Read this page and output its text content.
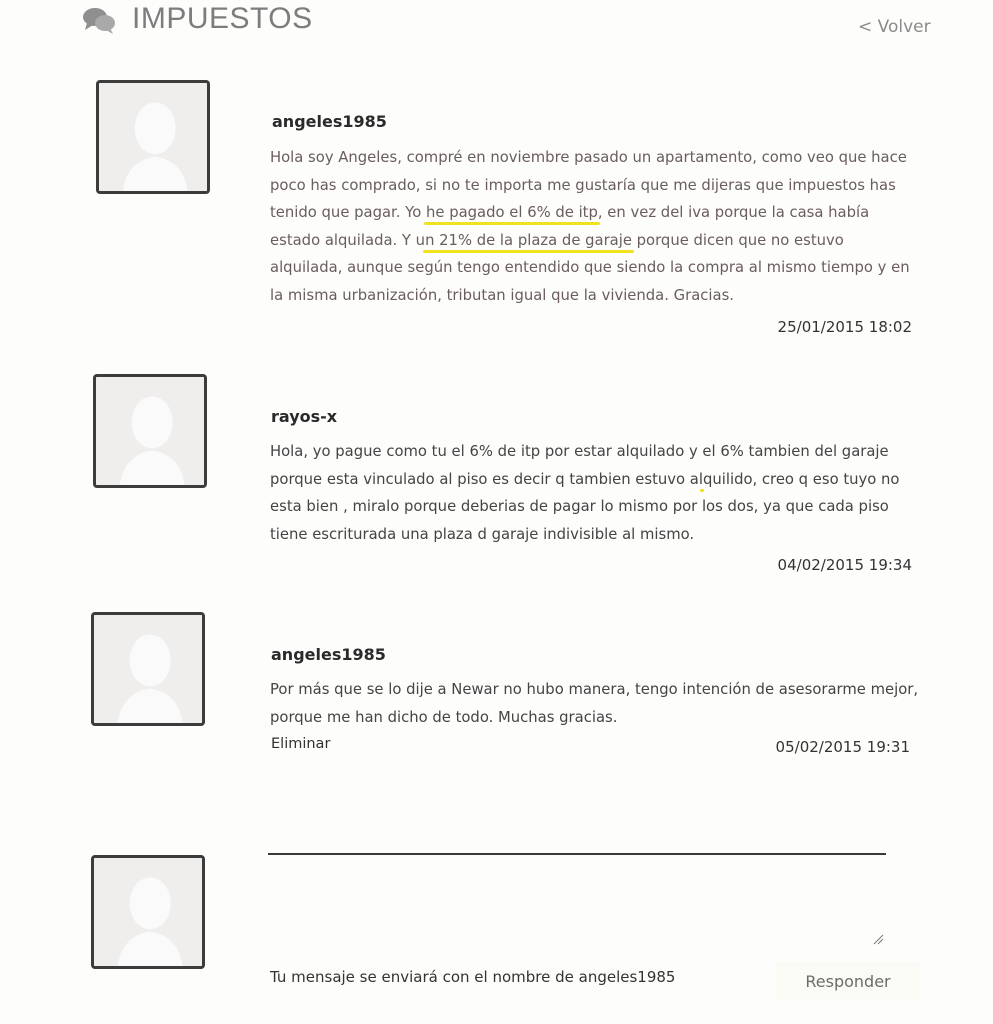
IMPUESTOS	< Volver
angeles1985
Hola soy Angeles, compré en noviembre pasado un apartamento, como veo que hace poco has comprado, si no te importa me gustaría que me dijeras que impuestos has tenido que pagar. Yo he pagado el 6% de itp, en vez del iva porque la casa había estado alquilada. Y un 21% de la plaza de garaje porque dicen que no estuvo alquilada, aunque según tengo entendido que siendo la compra al mismo tiempo y en la misma urbanización, tributan igual que la vivienda. Gracias.
25/01/2015 18:02
rayos-x
Hola, yo pague como tu el 6% de itp por estar alquilado y el 6% tambien del garaje porque esta vinculado al piso es decir q tambien estuvo alquilido, creo q eso tuyo no esta bien , miralo porque deberias de pagar lo mismo por los dos, ya que cada piso tiene escriturada una plaza d garaje indivisible al mismo.
04/02/2015 19:34
angeles1985
Por más que se lo dije a Newar no hubo manera, tengo intención de asesorarme mejor, porque me han dicho de todo. Muchas gracias.
Eliminar	05/02/2015 19:31
Tu mensaje se enviará con el nombre de angeles1985	Responder
